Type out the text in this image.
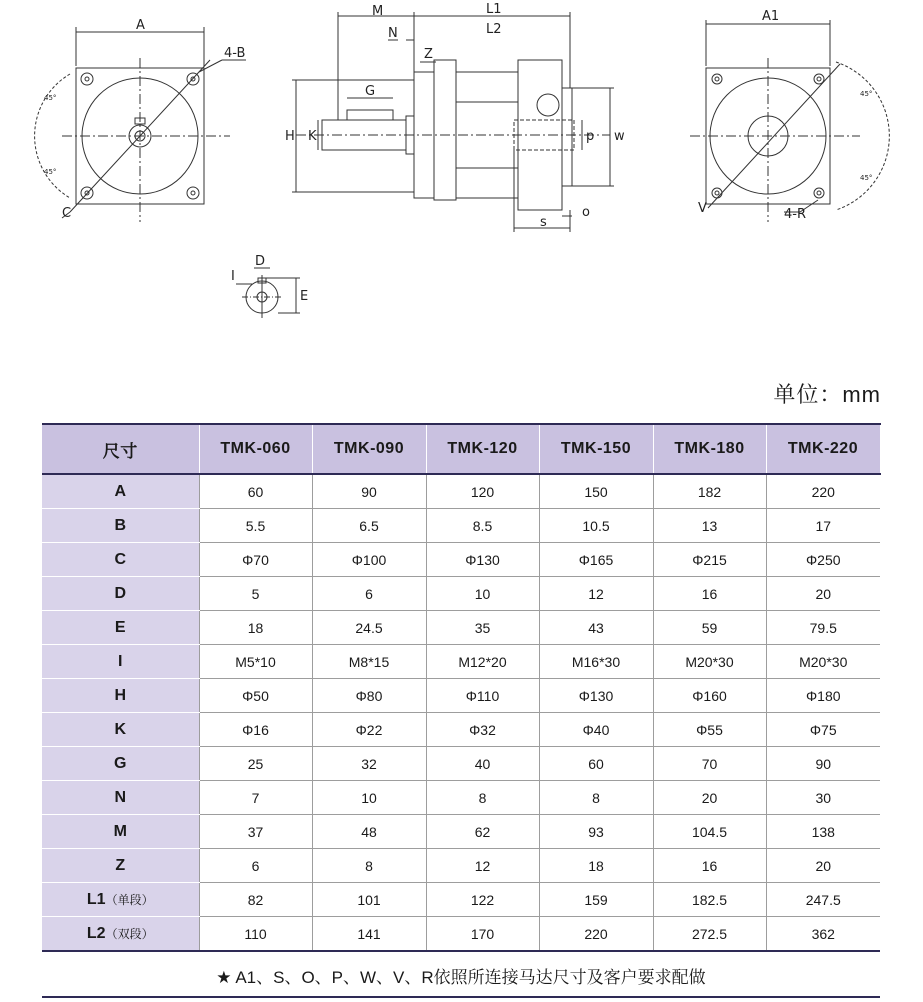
A
4-B
C
45°
45°
M
N
Z
L1
L2
G
H K	p w
s
o
A1
4-R
V
45°
45°
D
I
E
单位：mm
尺寸	TMK-060	TMK-090	TMK-120	TMK-150	TMK-180	TMK-220
A	60	90	120	150	182	220
B	5.5	6.5	8.5	10.5	13	17
C	Φ70	Φ100	Φ130	Φ165	Φ215	Φ250
D	5	6	10	12	16	20
E	18	24.5	35	43	59	79.5
I	M5*10	M8*15	M12*20	M16*30	M20*30	M20*30
H	Φ50	Φ80	Φ110	Φ130	Φ160	Φ180
K	Φ16	Φ22	Φ32	Φ40	Φ55	Φ75
G	25	32	40	60	70	90
N	7	10	8	8	20	30
M	37	48	62	93	104.5	138
Z	6	8	12	18	16	20
L1（单段）	82	101	122	159	182.5	247.5
L2（双段）	110	141	170	220	272.5	362
★ A1、S、O、P、W、V、R依照所连接马达尺寸及客户要求配做
